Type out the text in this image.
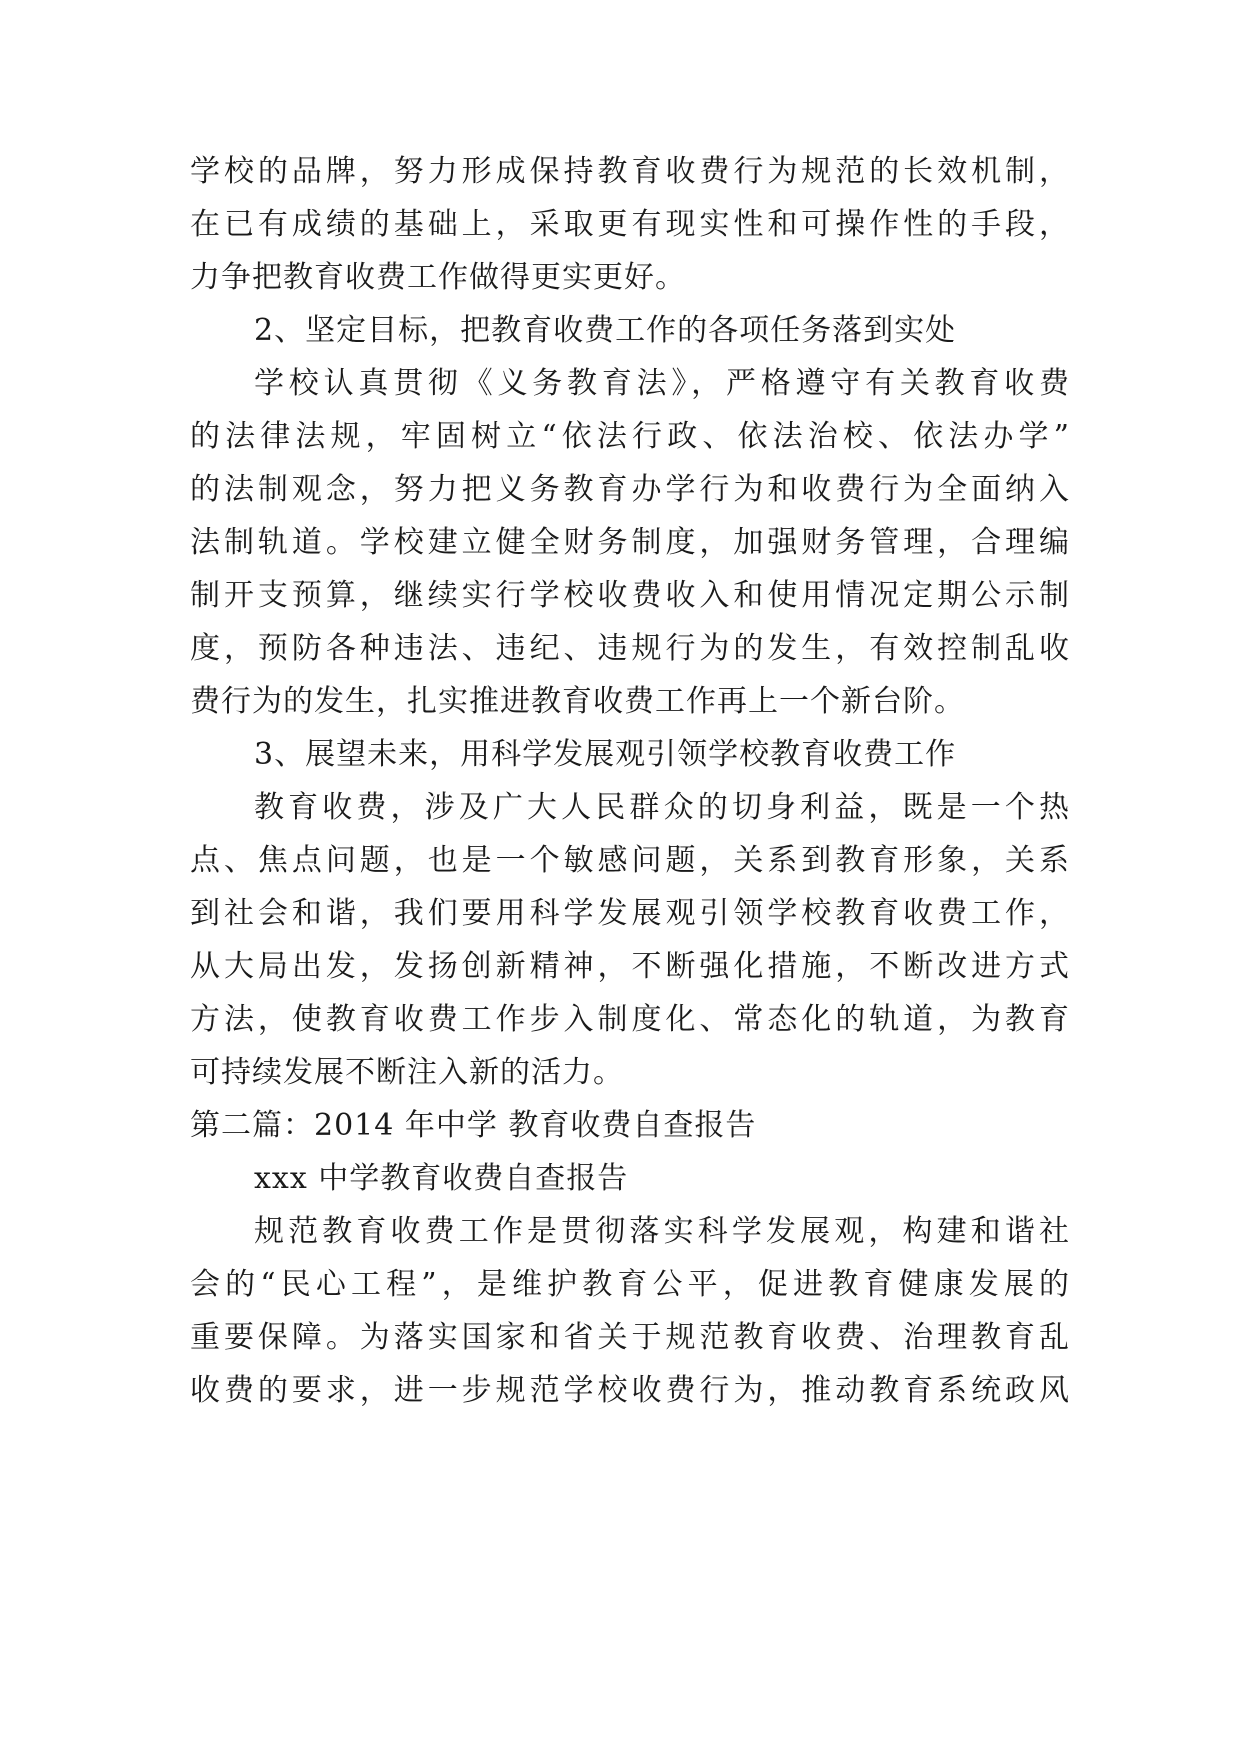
学校的品牌，努力形成保持教育收费行为规范的长效机制，
在已有成绩的基础上，采取更有现实性和可操作性的手段，
力争把教育收费工作做得更实更好。
2、坚定目标，把教育收费工作的各项任务落到实处
学校认真贯彻《义务教育法》，严格遵守有关教育收费
的法律法规，牢固树立“依法行政、依法治校、依法办学”
的法制观念，努力把义务教育办学行为和收费行为全面纳入
法制轨道。学校建立健全财务制度，加强财务管理，合理编
制开支预算，继续实行学校收费收入和使用情况定期公示制
度，预防各种违法、违纪、违规行为的发生，有效控制乱收
费行为的发生，扎实推进教育收费工作再上一个新台阶。
3、展望未来，用科学发展观引领学校教育收费工作
教育收费，涉及广大人民群众的切身利益，既是一个热
点、焦点问题，也是一个敏感问题，关系到教育形象，关系
到社会和谐，我们要用科学发展观引领学校教育收费工作，
从大局出发，发扬创新精神，不断强化措施，不断改进方式
方法，使教育收费工作步入制度化、常态化的轨道，为教育
可持续发展不断注入新的活力。
第二篇：2014 年中学 教育收费自查报告
xxx 中学教育收费自查报告
规范教育收费工作是贯彻落实科学发展观，构建和谐社
会的“民心工程”，是维护教育公平，促进教育健康发展的
重要保障。为落实国家和省关于规范教育收费、治理教育乱
收费的要求，进一步规范学校收费行为，推动教育系统政风
